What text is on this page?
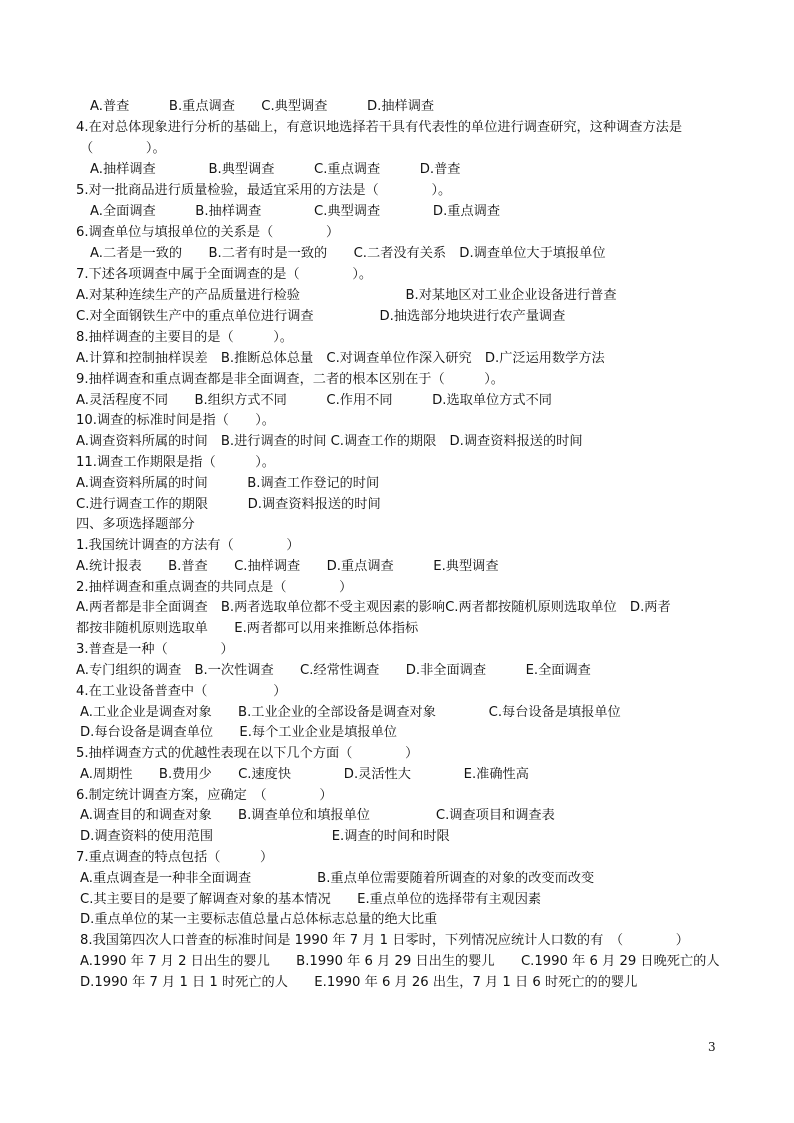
A.普查　　　B.重点调查　　C.典型调查　　　D.抽样调查
4.在对总体现象进行分析的基础上，有意识地选择若干具有代表性的单位进行调查研究，这种调查方法是
（　　　　）。
A.抽样调查　　　　B.典型调查　　　C.重点调查　　　D.普查
5.对一批商品进行质量检验，最适宜采用的方法是（　　　　）。
A.全面调查　　　B.抽样调查　　　　C.典型调查　　　　D.重点调查
6.调查单位与填报单位的关系是（　　　　）
A.二者是一致的　　B.二者有时是一致的　　C.二者没有关系　D.调查单位大于填报单位
7.下述各项调查中属于全面调查的是（　　　　）。
A.对某种连续生产的产品质量进行检验　　　　　　　　B.对某地区对工业企业设备进行普查
C.对全面钢铁生产中的重点单位进行调查　　　　　D.抽选部分地块进行农产量调查
8.抽样调查的主要目的是（　　　）。
A.计算和控制抽样误差　B.推断总体总量　C.对调查单位作深入研究　D.广泛运用数学方法
9.抽样调查和重点调查都是非全面调查，二者的根本区别在于（　　　）。
A.灵活程度不同　　B.组织方式不同　　　C.作用不同　　　D.选取单位方式不同
10.调查的标准时间是指（　　）。
A.调查资料所属的时间　B.进行调查的时间 C.调查工作的期限　D.调查资料报送的时间
11.调查工作期限是指（　　　）。
A.调查资料所属的时间　　　B.调查工作登记的时间
C.进行调查工作的期限　　　D.调查资料报送的时间
四、多项选择题部分
1.我国统计调查的方法有（　　　　）
A.统计报表　　B.普查　　C.抽样调查　　D.重点调查　　　E.典型调查
2.抽样调查和重点调查的共同点是（　　　　）
A.两者都是非全面调查　B.两者选取单位都不受主观因素的影响C.两者都按随机原则选取单位　D.两者
都按非随机原则选取单　　E.两者都可以用来推断总体指标
3.普查是一种（　　　　）
A.专门组织的调查　B.一次性调查　　C.经常性调查　　D.非全面调查　　　E.全面调查
4.在工业设备普查中（　　　　　）
A.工业企业是调查对象　　B.工业企业的全部设备是调查对象　　　　C.每台设备是填报单位
D.每台设备是调查单位　　E.每个工业企业是填报单位
5.抽样调查方式的优越性表现在以下几个方面（　　　　）
A.周期性　　B.费用少　　C.速度快　　　　D.灵活性大　　　　E.准确性高
6.制定统计调查方案，应确定　（　　　　）
A.调查目的和调查对象　　B.调查单位和填报单位　　　　　C.调查项目和调查表
D.调查资料的使用范围　　　　　　　　　E.调查的时间和时限
7.重点调查的特点包括（　　　）
A.重点调查是一种非全面调查　　　　　B.重点单位需要随着所调查的对象的改变而改变
C.其主要目的是要了解调查对象的基本情况　　E.重点单位的选择带有主观因素
D.重点单位的某一主要标志值总量占总体标志总量的绝大比重
8.我国第四次人口普查的标准时间是 1990 年 7 月 1 日零时，下列情况应统计人口数的有　（　　　　）
A.1990 年 7 月 2 日出生的婴儿　　B.1990 年 6 月 29 日出生的婴儿　　C.1990 年 6 月 29 日晚死亡的人
D.1990 年 7 月 1 日 1 时死亡的人　　E.1990 年 6 月 26 出生，7 月 1 日 6 时死亡的的婴儿
3
